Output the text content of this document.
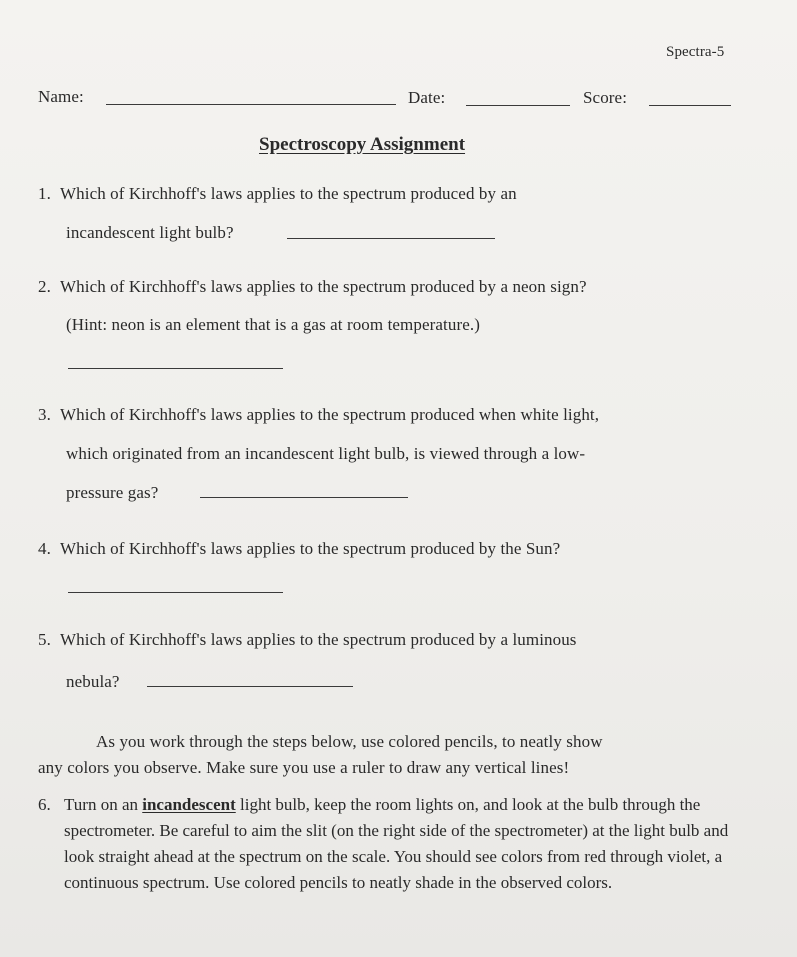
Spectra-5
Name:	Date:	Score:
Spectroscopy Assignment
1. Which of Kirchhoff's laws applies to the spectrum produced by an
incandescent light bulb?
2. Which of Kirchhoff's laws applies to the spectrum produced by a neon sign?
(Hint: neon is an element that is a gas at room temperature.)
3. Which of Kirchhoff's laws applies to the spectrum produced when white light,
which originated from an incandescent light bulb, is viewed through a low-
pressure gas?
4. Which of Kirchhoff's laws applies to the spectrum produced by the Sun?
5. Which of Kirchhoff's laws applies to the spectrum produced by a luminous
nebula?
As you work through the steps below, use colored pencils, to neatly show
any colors you observe. Make sure you use a ruler to draw any vertical lines!
6. Turn on an incandescent light bulb, keep the room lights on, and look at the bulb through the spectrometer. Be careful to aim the slit (on the right side of the spectrometer) at the light bulb and look straight ahead at the spectrum on the scale. You should see colors from red through violet, a continuous spectrum. Use colored pencils to neatly shade in the observed colors.
